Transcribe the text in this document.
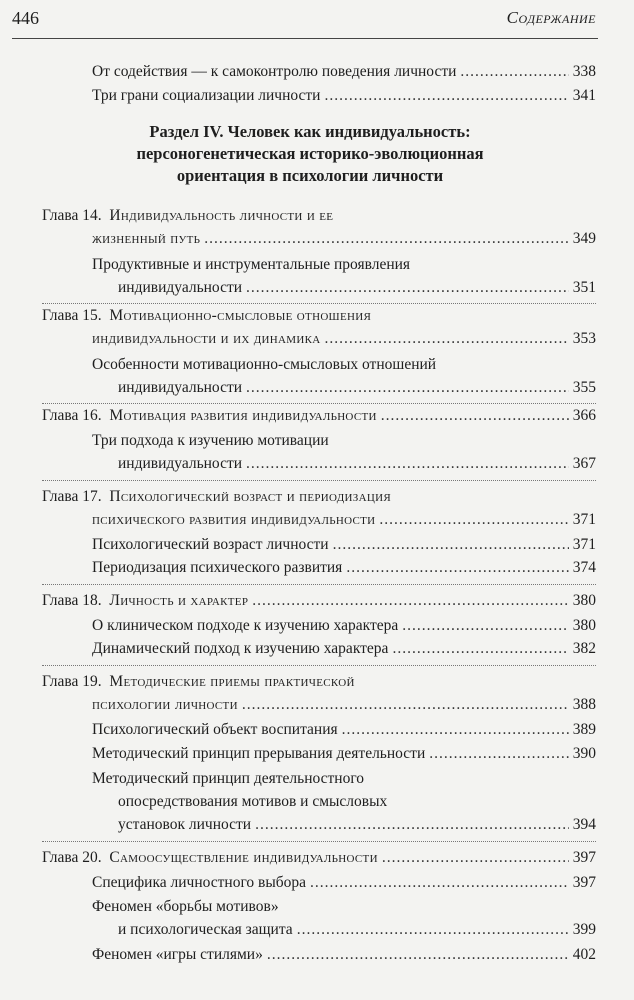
446	Содержание
От содействия — к самоконтролю поведения личности .....	338
Три грани социализации личности .....	341
Раздел IV. Человек как индивидуальность:
персоногенетическая историко-эволюционная
ориентация в психологии личности
Глава 14. Индивидуальность личности и ее
жизненный путь .....	349
Продуктивные и инструментальные проявления
индивидуальности .....	351
Глава 15. Мотивационно-смысловые отношения
индивидуальности и их динамика .....	353
Особенности мотивационно-смысловых отношений
индивидуальности .....	355
Глава 16. Мотивация развития индивидуальности .....	366
Три подхода к изучению мотивации
индивидуальности .....	367
Глава 17. Психологический возраст и периодизация
психического развития индивидуальности .....	371
Психологический возраст личности .....	371
Периодизация психического развития .....	374
Глава 18. Личность и характер .....	380
О клиническом подходе к изучению характера .....	380
Динамический подход к изучению характера .....	382
Глава 19. Методические приемы практической
психологии личности .....	388
Психологический объект воспитания .....	389
Методический принцип прерывания деятельности .....	390
Методический принцип деятельностного
опосредствования мотивов и смысловых
установок личности .....	394
Глава 20. Самоосуществление индивидуальности .....	397
Специфика личностного выбора .....	397
Феномен «борьбы мотивов»
и психологическая защита .....	399
Феномен «игры стилями» .....	402
